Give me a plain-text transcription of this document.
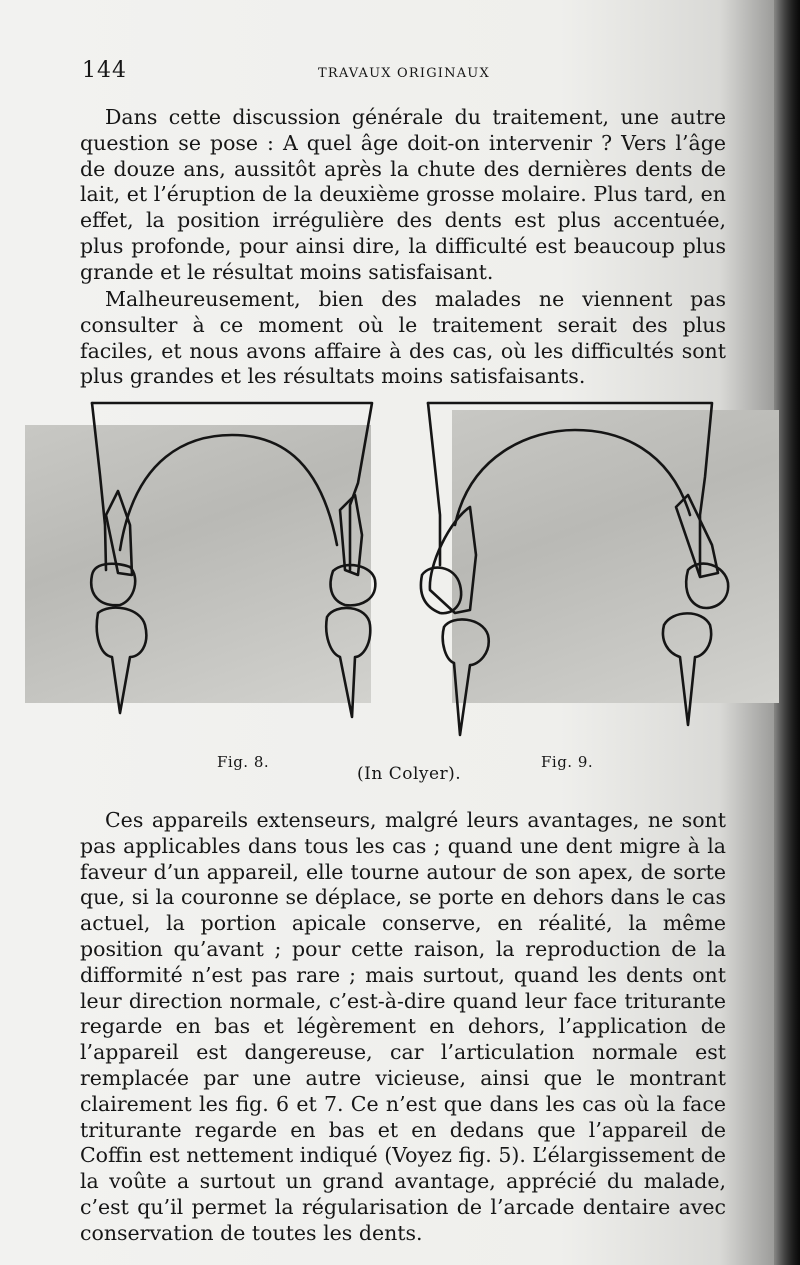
144	TRAVAUX ORIGINAUX

Dans cette discussion générale du traitement, une autre question se pose : A quel âge doit-on intervenir ? Vers l’âge de douze ans, aussitôt après la chute des dernières dents de lait, et l’éruption de la deuxième grosse molaire. Plus tard, en effet, la position irrégulière des dents est plus accentuée, plus profonde, pour ainsi dire, la difficulté est beaucoup plus grande et le résultat moins satisfaisant.

Malheureusement, bien des malades ne viennent pas consulter à ce moment où le traitement serait des plus faciles, et nous avons affaire à des cas, où les difficultés sont plus grandes et les résultats moins satisfaisants.

Fig. 8.	Fig. 9.
(In Colyer).

Ces appareils extenseurs, malgré leurs avantages, ne sont pas applicables dans tous les cas ; quand une dent migre à la faveur d’un appareil, elle tourne autour de son apex, de sorte que, si la couronne se déplace, se porte en dehors dans le cas actuel, la portion apicale conserve, en réalité, la même position qu’avant ; pour cette raison, la reproduction de la difformité n’est pas rare ; mais surtout, quand les dents ont leur direction normale, c’est-à-dire quand leur face triturante regarde en bas et légèrement en dehors, l’application de l’appareil est dangereuse, car l’articulation normale est remplacée par une autre vicieuse, ainsi que le montrant clairement les fig. 6 et 7. Ce n’est que dans les cas où la face triturante regarde en bas et en dedans que l’appareil de Coffin est nettement indiqué (Voyez fig. 5). L’élargissement de la voûte a surtout un grand avantage, apprécié du malade, c’est qu’il permet la régularisation de l’arcade dentaire avec conservation de toutes les dents.
